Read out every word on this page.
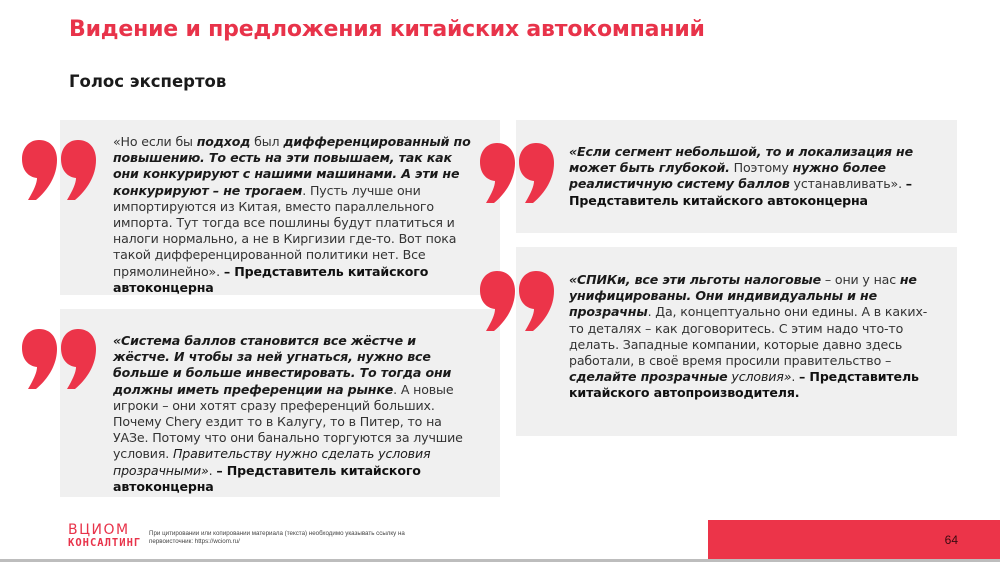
Видение и предложения китайских автокомпаний
Голос экспертов
«Но если бы подход был дифференцированный по повышению. То есть на эти повышаем, так как они конкурируют с нашими машинами. А эти не конкурируют – не трогаем. Пусть лучше они импортируются из Китая, вместо параллельного импорта. Тут тогда все пошлины будут платиться и налоги нормально, а не в Киргизии где-то. Вот пока такой дифференцированной политики нет. Все прямолинейно». – Представитель китайского автоконцерна
«Система баллов становится все жёстче и жёстче. И чтобы за ней угнаться, нужно все больше и больше инвестировать. То тогда они должны иметь преференции на рынке. А новые игроки – они хотят сразу преференций больших. Почему Chery ездит то в Калугу, то в Питер, то на УАЗе. Потому что они банально торгуются за лучшие условия. Правительству нужно сделать условия прозрачными». – Представитель китайского автоконцерна
«Если сегмент небольшой, то и локализация не может быть глубокой. Поэтому нужно более реалистичную систему баллов устанавливать». – Представитель китайского автоконцерна
«СПИКи, все эти льготы налоговые – они у нас не унифицированы. Они индивидуальны и не прозрачны. Да, концептуально они едины. А в каких-то деталях – как договоритесь. С этим надо что-то делать. Западные компании, которые давно здесь работали, в своё время просили правительство – сделайте прозрачные условия». – Представитель китайского автопроизводителя.
ВЦИОМ
КОНСАЛТИНГ
При цитировании или копировании материала (текста) необходимо указывать ссылку на первоисточник: https://wciom.ru/	64
